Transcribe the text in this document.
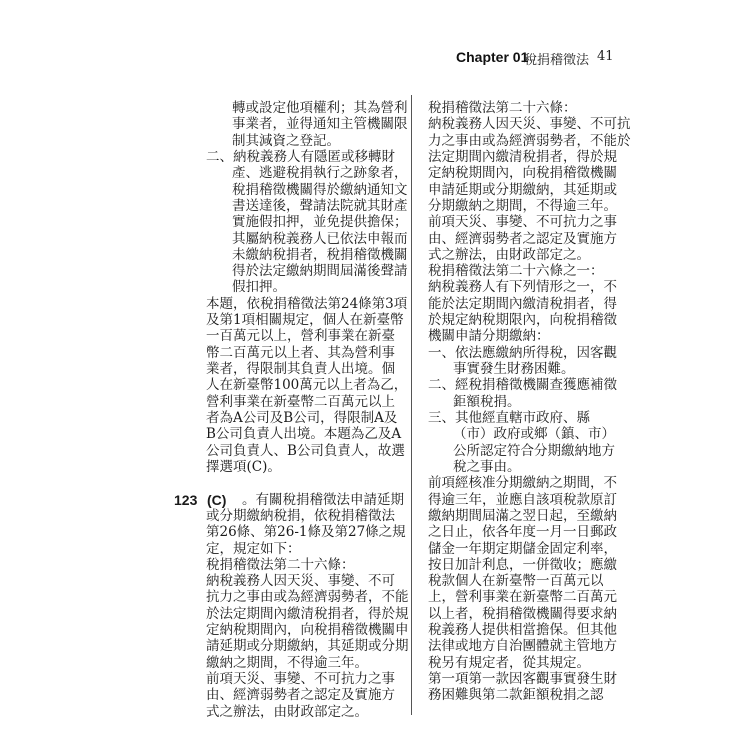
Chapter 01
稅捐稽徵法 41
123 (C)
轉或設定他項權利；其為營利
事業者，並得通知主管機關限
制其減資之登記。
二、納稅義務人有隱匿或移轉財
產、逃避稅捐執行之跡象者，
稅捐稽徵機關得於繳納通知文
書送達後，聲請法院就其財產
實施假扣押，並免提供擔保；
其屬納稅義務人已依法申報而
未繳納稅捐者，稅捐稽徵機關
得於法定繳納期間屆滿後聲請
假扣押。
本題，依稅捐稽徵法第24條第3項
及第1項相關規定，個人在新臺幣
一百萬元以上，營利事業在新臺
幣二百萬元以上者、其為營利事
業者，得限制其負責人出境。個
人在新臺幣100萬元以上者為乙，
營利事業在新臺幣二百萬元以上
者為A公司及B公司，得限制A及
B公司負責人出境。本題為乙及A
公司負責人、B公司負責人，故選
擇選項(C)。
。有關稅捐稽徵法申請延期
或分期繳納稅捐，依稅捐稽徵法
第26條、第26-1條及第27條之規
定，規定如下：
稅捐稽徵法第二十六條：
納稅義務人因天災、事變、不可
抗力之事由或為經濟弱勢者，不能
於法定期間內繳清稅捐者，得於規
定納稅期間內，向稅捐稽徵機關申
請延期或分期繳納，其延期或分期
繳納之期間，不得逾三年。
前項天災、事變、不可抗力之事
由、經濟弱勢者之認定及實施方
式之辦法，由財政部定之。
稅捐稽徵法第二十六條：
納稅義務人因天災、事變、不可抗
力之事由或為經濟弱勢者，不能於
法定期間內繳清稅捐者，得於規
定納稅期間內，向稅捐稽徵機關
申請延期或分期繳納，其延期或
分期繳納之期間，不得逾三年。
前項天災、事變、不可抗力之事
由、經濟弱勢者之認定及實施方
式之辦法，由財政部定之。
稅捐稽徵法第二十六條之一：
納稅義務人有下列情形之一，不
能於法定期間內繳清稅捐者，得
於規定納稅期限內，向稅捐稽徵
機關申請分期繳納：
一、依法應繳納所得稅，因客觀
事實發生財務困難。
二、經稅捐稽徵機關查獲應補徵
鉅額稅捐。
三、其他經直轄市政府、縣
（市）政府或鄉（鎮、市）
公所認定符合分期繳納地方
稅之事由。
前項經核准分期繳納之期間，不
得逾三年，並應自該項稅款原訂
繳納期間屆滿之翌日起，至繳納
之日止，依各年度一月一日郵政
儲金一年期定期儲金固定利率，
按日加計利息，一併徵收；應繳
稅款個人在新臺幣一百萬元以
上，營利事業在新臺幣二百萬元
以上者，稅捐稽徵機關得要求納
稅義務人提供相當擔保。但其他
法律或地方自治團體就主管地方
稅另有規定者，從其規定。
第一項第一款因客觀事實發生財
務困難與第二款鉅額稅捐之認
